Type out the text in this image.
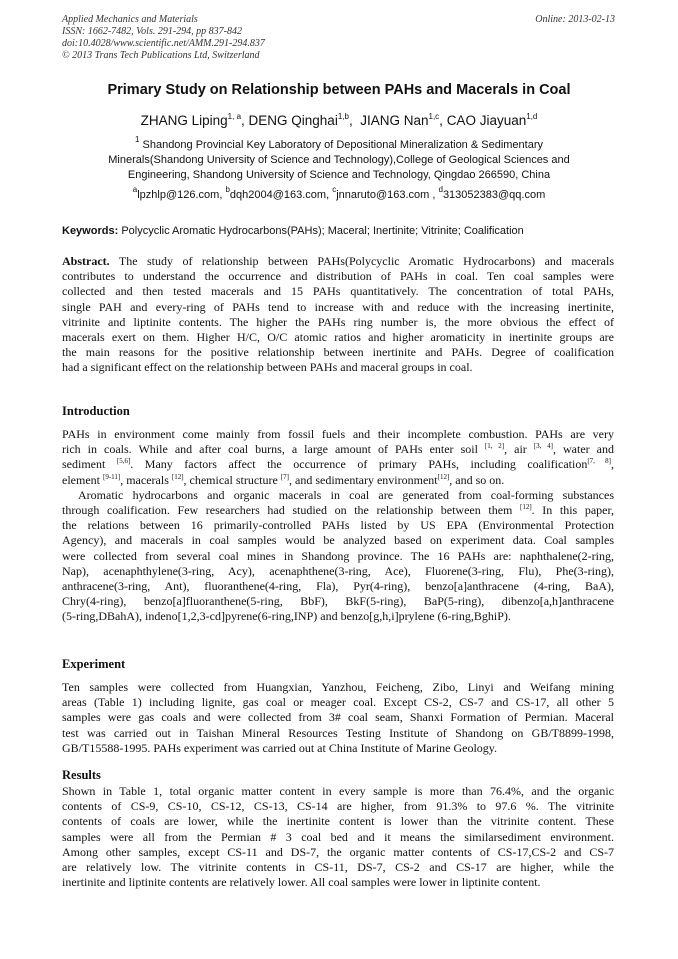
Applied Mechanics and Materials
ISSN: 1662-7482, Vols. 291-294, pp 837-842
doi:10.4028/www.scientific.net/AMM.291-294.837
© 2013 Trans Tech Publications Ltd, Switzerland
Online: 2013-02-13
Primary Study on Relationship between PAHs and Macerals in Coal
ZHANG Liping$^{1, a}$, DENG Qinghai$^{1,b}$,  JIANG Nan$^{1,c}$, CAO Jiayuan$^{1,d}$
$^1$ Shandong Provincial Key Laboratory of Depositional Mineralization & Sedimentary
Minerals(Shandong University of Science and Technology),College of Geological Sciences and
Engineering, Shandong University of Science and Technology, Qingdao 266590, China
$^a$lpzhlp@126.com, $^b$dqh2004@163.com, $^c$jnnaruto@163.com , $^d$313052383@qq.com
Keywords: Polycyclic Aromatic Hydrocarbons(PAHs); Maceral; Inertinite; Vitrinite; Coalification
Abstract. The study of relationship between PAHs(Polycyclic Aromatic Hydrocarbons) and macerals
contributes to understand the occurrence and distribution of PAHs in coal. Ten coal samples were
collected and then tested macerals and 15 PAHs quantitatively. The concentration of total PAHs,
single PAH and every-ring of PAHs tend to increase with and reduce with the increasing inertinite,
vitrinite and liptinite contents. The higher the PAHs ring number is, the more obvious the effect of
macerals exert on them. Higher H/C, O/C atomic ratios and higher aromaticity in inertinite groups are
the main reasons for the positive relationship between inertinite and PAHs. Degree of coalification
had a significant effect on the relationship between PAHs and maceral groups in coal.
Introduction
PAHs in environment come mainly from fossil fuels and their incomplete combustion. PAHs are very
rich in coals. While and after coal burns, a large amount of PAHs enter soil [1, 2], air [3, 4], water and
sediment [5,6]. Many factors affect the occurrence of primary PAHs, including coalification[7, 8],
element [9-11], macerals [12], chemical structure [7], and sedimentary environment[12], and so on.
Aromatic hydrocarbons and organic macerals in coal are generated from coal-forming substances
through coalification. Few researchers had studied on the relationship between them [12]. In this paper,
the relations between 16 primarily-controlled PAHs listed by US EPA (Environmental Protection
Agency), and macerals in coal samples would be analyzed based on experiment data. Coal samples
were collected from several coal mines in Shandong province. The 16 PAHs are: naphthalene(2-ring,
Nap), acenaphthylene(3-ring, Acy), acenaphthene(3-ring, Ace), Fluorene(3-ring, Flu), Phe(3-ring),
anthracene(3-ring, Ant), fluoranthene(4-ring, Fla), Pyr(4-ring), benzo[a]anthracene (4-ring, BaA),
Chry(4-ring), benzo[a]fluoranthene(5-ring, BbF), BkF(5-ring), BaP(5-ring), dibenzo[a,h]anthracene
(5-ring,DBahA), indeno[1,2,3-cd]pyrene(6-ring,INP) and benzo[g,h,i]prylene (6-ring,BghiP).
Experiment
Ten samples were collected from Huangxian, Yanzhou, Feicheng, Zibo, Linyi and Weifang mining
areas (Table 1) including lignite, gas coal or meager coal. Except CS-2, CS-7 and CS-17, all other 5
samples were gas coals and were collected from 3# coal seam, Shanxi Formation of Permian. Maceral
test was carried out in Taishan Mineral Resources Testing Institute of Shandong on GB/T8899-1998,
GB/T15588-1995. PAHs experiment was carried out at China Institute of Marine Geology.
Results
Shown in Table 1, total organic matter content in every sample is more than 76.4%, and the organic
contents of CS-9, CS-10, CS-12, CS-13, CS-14 are higher, from 91.3% to 97.6 %. The vitrinite
contents of coals are lower, while the inertinite content is lower than the vitrinite content. These
samples were all from the Permian # 3 coal bed and it means the similarsediment environment.
Among other samples, except CS-11 and DS-7, the organic matter contents of CS-17,CS-2 and CS-7
are relatively low. The vitrinite contents in CS-11, DS-7, CS-2 and CS-17 are higher, while the
inertinite and liptinite contents are relatively lower. All coal samples were lower in liptinite content.
